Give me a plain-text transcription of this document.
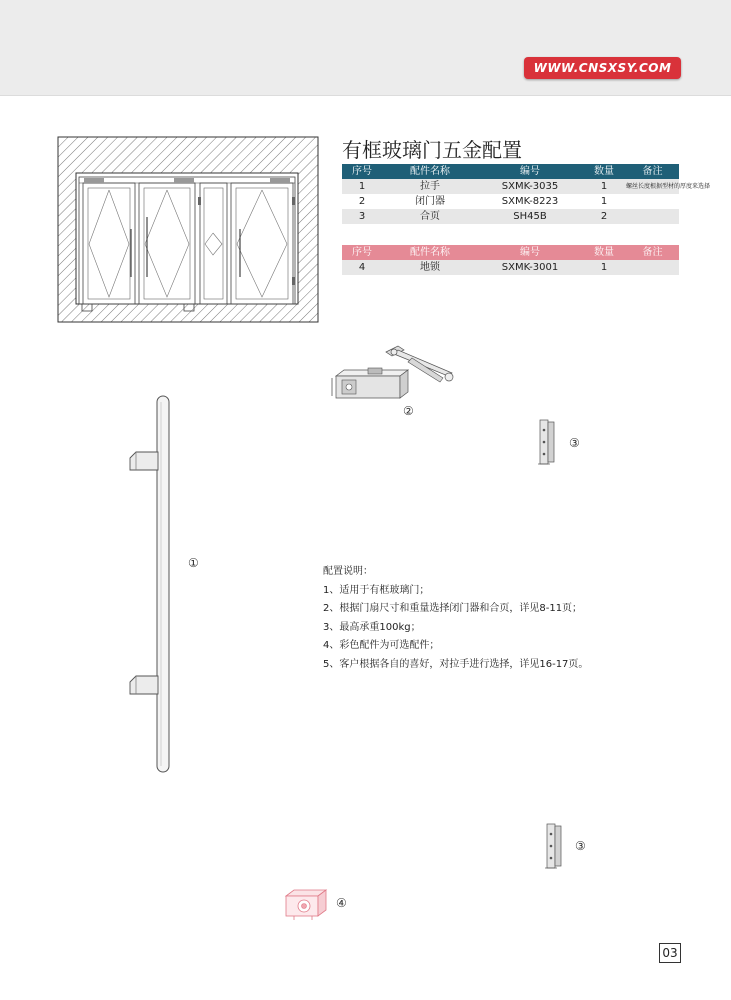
WWW.CNSXSY.COM
有框玻璃门五金配置
序号	配件名称	编号	数量	备注
1	拉手	SXMK-3035	1	螺丝长度根据型材的厚度来选择
2	闭门器	SXMK-8223	1
3	合页	SH45B	2
序号	配件名称	编号	数量	备注
4	地锁	SXMK-3001	1
②
③
①
配置说明：
1、适用于有框玻璃门；
2、根据门扇尺寸和重量选择闭门器和合页，详见8-11页；
3、最高承重100kg；
4、彩色配件为可选配件；
5、客户根据各自的喜好，对拉手进行选择，详见16-17页。
③
④
03
